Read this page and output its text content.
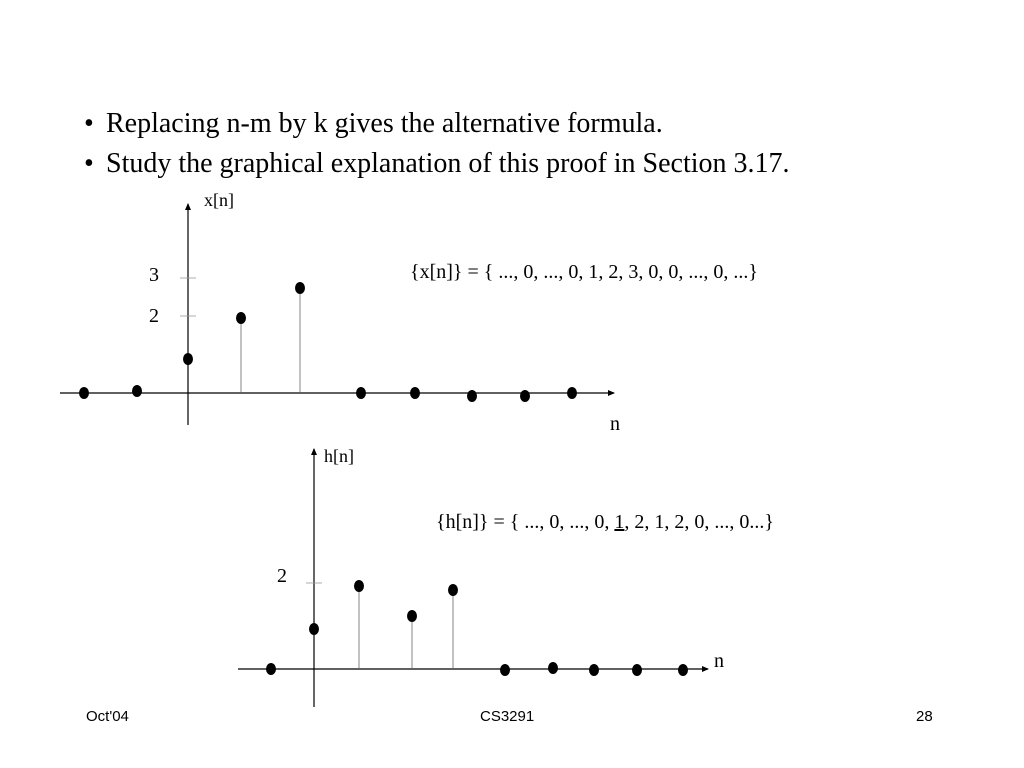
• Replacing n-m by k gives the alternative formula.
• Study the graphical explanation of this proof in Section 3.17.
x[n]
n
3
2
{x[n]} = { ..., 0, ..., 0, 1, 2, 3, 0, 0, ..., 0, ...}
h[n]
n
2
{h[n]} = { ..., 0, ..., 0, 1, 2, 1, 2, 0, ..., 0...}
Oct'04	CS3291	28
